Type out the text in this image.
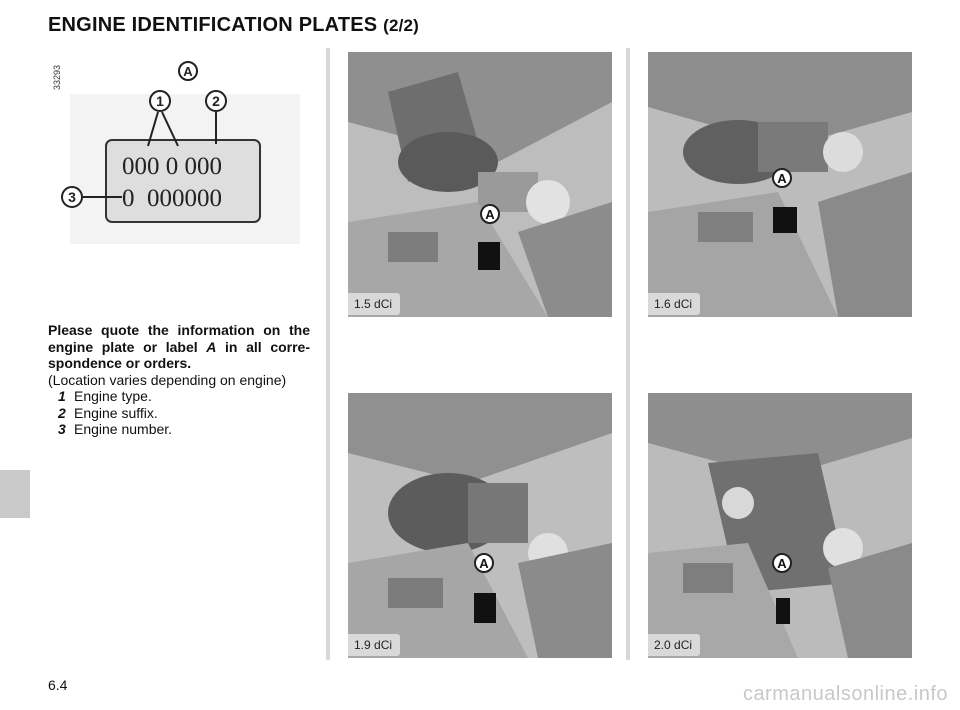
ENGINE IDENTIFICATION PLATES (2/2)
000 0 000
0  000000
A
1	2
3
33293
A
1.5 dCi
A
1.6 dCi
A
1.9 dCi
A
2.0 dCi
Please quote the information on the engine plate or label A in all corre-spondence or orders.
(Location varies depending on engine)
1 Engine type.
2 Engine suffix.
3 Engine number.
6.4	carmanualsonline.info
